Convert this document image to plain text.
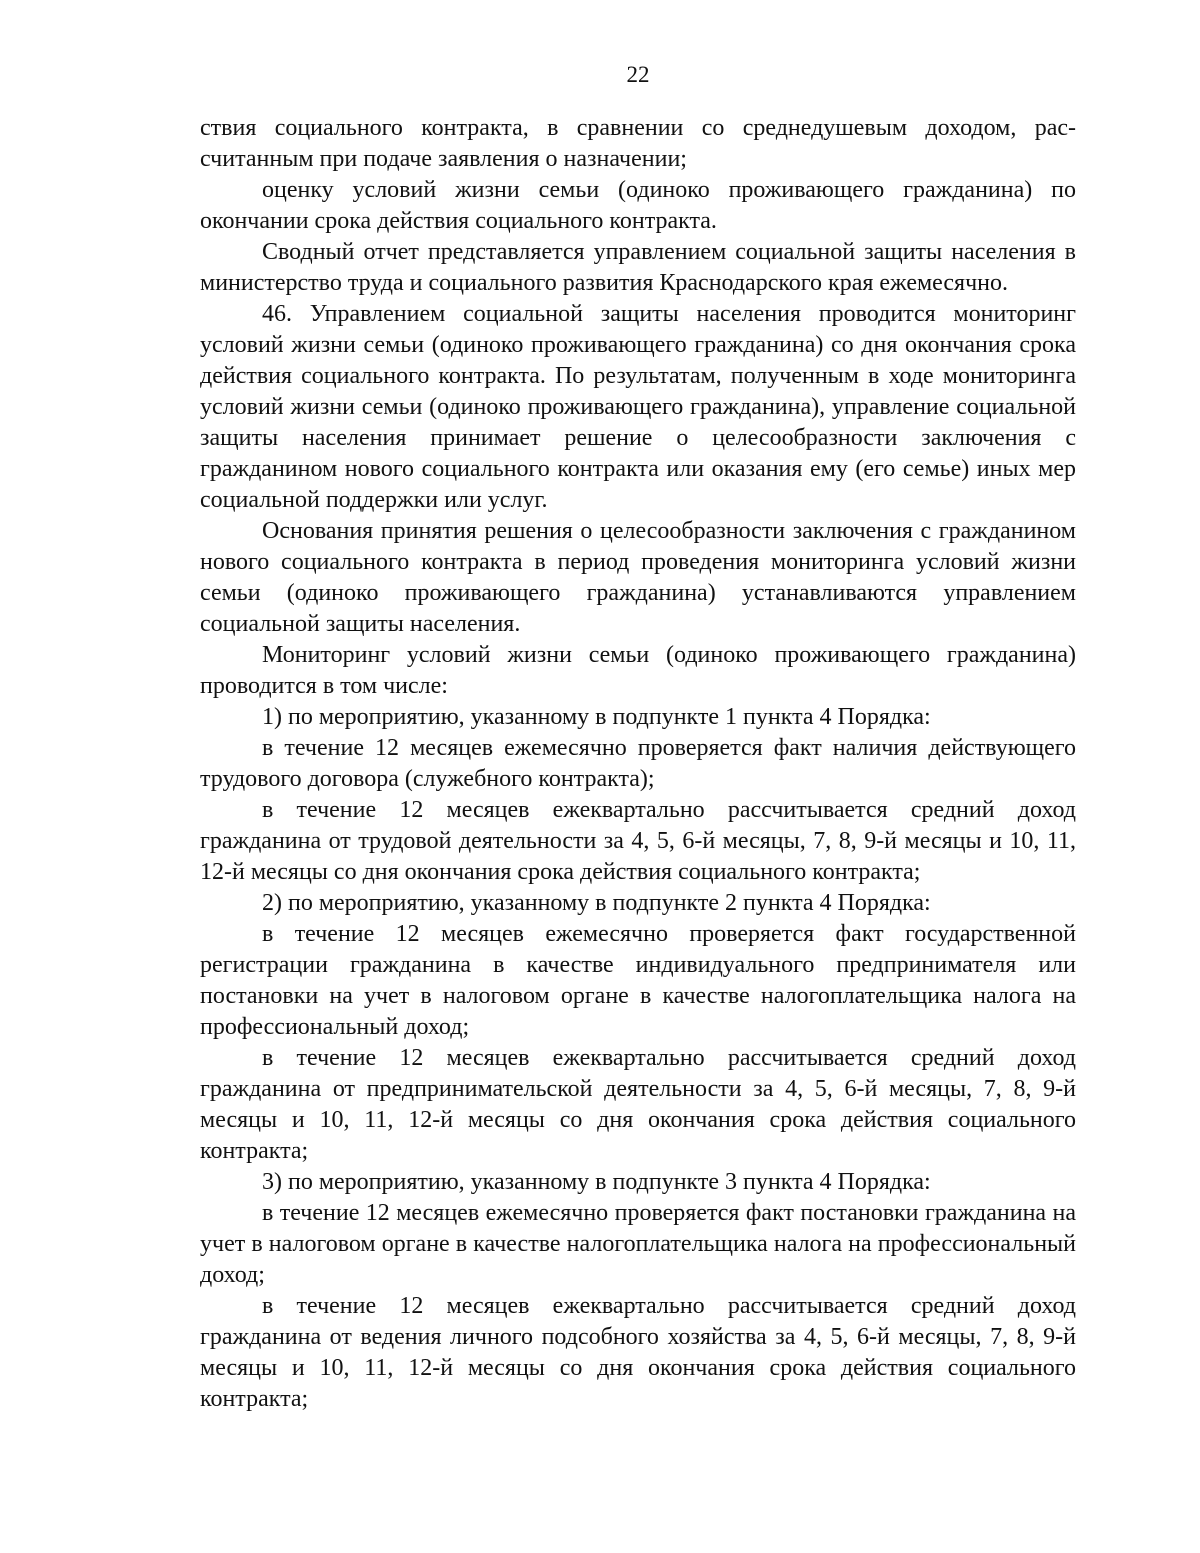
22

ствия социального контракта, в сравнении со среднедушевым доходом, рассчитанным при подаче заявления о назначении;

оценку условий жизни семьи (одиноко проживающего гражданина) по окончании срока действия социального контракта.

Сводный отчет представляется управлением социальной защиты населения в министерство труда и социального развития Краснодарского края ежемесячно.

46. Управлением социальной защиты населения проводится мониторинг условий жизни семьи (одиноко проживающего гражданина) со дня окончания срока действия социального контракта. По результатам, полученным в ходе мониторинга условий жизни семьи (одиноко проживающего гражданина), управление социальной защиты населения принимает решение о целесообразности заключения с гражданином нового социального контракта или оказания ему (его семье) иных мер социальной поддержки или услуг.

Основания принятия решения о целесообразности заключения с гражданином нового социального контракта в период проведения мониторинга условий жизни семьи (одиноко проживающего гражданина) устанавливаются управлением социальной защиты населения.

Мониторинг условий жизни семьи (одиноко проживающего гражданина) проводится в том числе:

1) по мероприятию, указанному в подпункте 1 пункта 4 Порядка:

в течение 12 месяцев ежемесячно проверяется факт наличия действующего трудового договора (служебного контракта);

в течение 12 месяцев ежеквартально рассчитывается средний доход гражданина от трудовой деятельности за 4, 5, 6-й месяцы, 7, 8, 9-й месяцы и 10, 11, 12-й месяцы со дня окончания срока действия социального контракта;

2) по мероприятию, указанному в подпункте 2 пункта 4 Порядка:

в течение 12 месяцев ежемесячно проверяется факт государственной регистрации гражданина в качестве индивидуального предпринимателя или постановки на учет в налоговом органе в качестве налогоплательщика налога на профессиональный доход;

в течение 12 месяцев ежеквартально рассчитывается средний доход гражданина от предпринимательской деятельности за 4, 5, 6-й месяцы, 7, 8, 9-й месяцы и 10, 11, 12-й месяцы со дня окончания срока действия социального контракта;

3) по мероприятию, указанному в подпункте 3 пункта 4 Порядка:

в течение 12 месяцев ежемесячно проверяется факт постановки гражданина на учет в налоговом органе в качестве налогоплательщика налога на профессиональный доход;

в течение 12 месяцев ежеквартально рассчитывается средний доход гражданина от ведения личного подсобного хозяйства за 4, 5, 6-й месяцы, 7, 8, 9-й месяцы и 10, 11, 12-й месяцы со дня окончания срока действия социального контракта;
